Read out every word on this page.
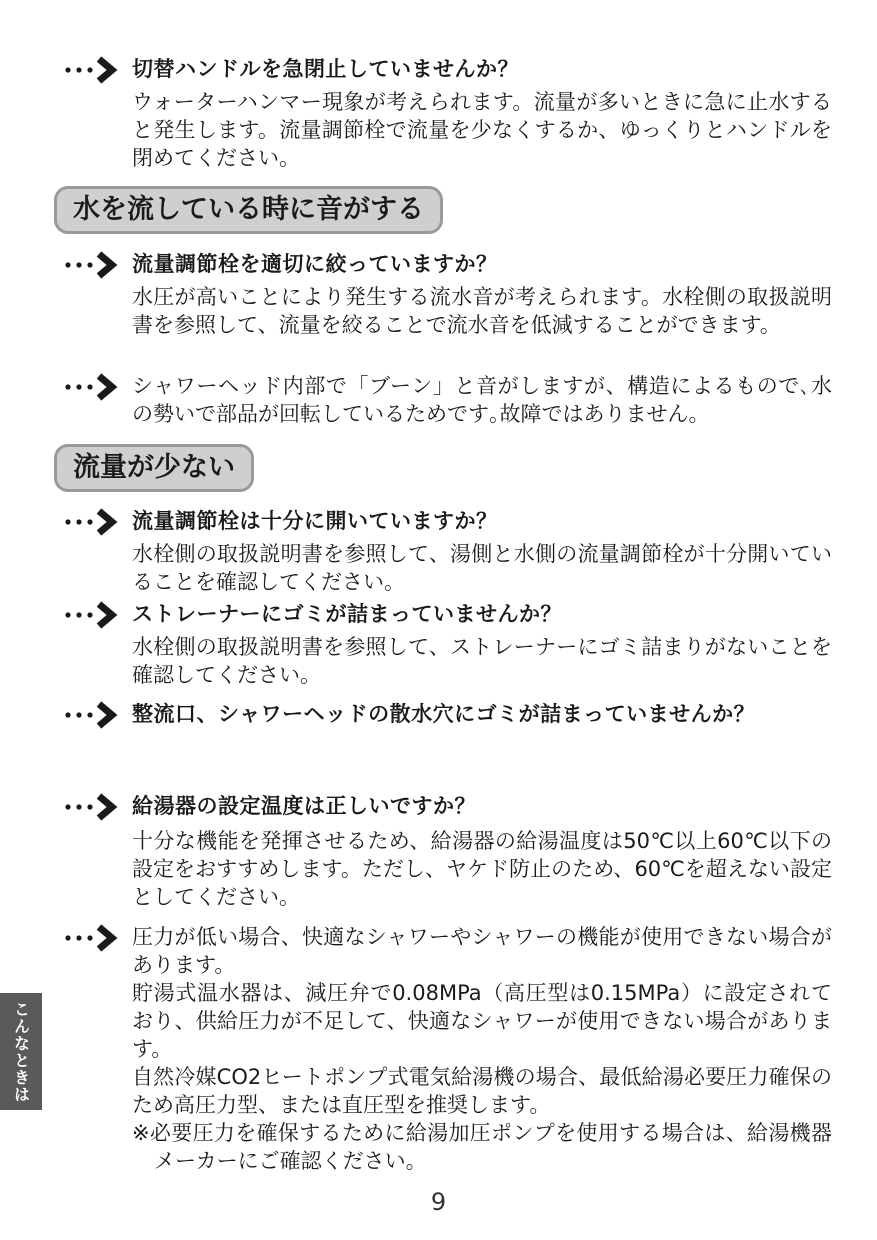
切替ハンドルを急閉止していませんか？

ウォーターハンマー現象が考えられます。流量が多いときに急に止水すると発生します。流量調節栓で流量を少なくするか、ゆっくりとハンドルを閉めてください。

水を流している時に音がする
流量調節栓を適切に絞っていますか？

水圧が高いことにより発生する流水音が考えられます。水栓側の取扱説明書を参照して、流量を絞ることで流水音を低減することができます。

シャワーヘッド内部で「ブーン」と音がしますが、構造によるもので､水の勢いで部品が回転しているためです｡故障ではありません｡
流量が少ない
流量調節栓は十分に開いていますか？

水栓側の取扱説明書を参照して、湯側と水側の流量調節栓が十分開いていることを確認してください。

ストレーナーにゴミが詰まっていませんか？

水栓側の取扱説明書を参照して、ストレーナーにゴミ詰まりがないことを確認してください。

整流口、シャワーヘッドの散水穴にゴミが詰まっていませんか？
給湯器の設定温度は正しいですか？

十分な機能を発揮させるため、給湯器の給湯温度は50℃以上60℃以下の設定をおすすめします。ただし、ヤケド防止のため、60℃を超えない設定としてください。

圧力が低い場合、快適なシャワーやシャワーの機能が使用できない場合があります。

貯湯式温水器は、減圧弁で0.08MPa（高圧型は0.15MPa）に設定されており、供給圧力が不足して、快適なシャワーが使用できない場合があります。

自然冷媒CO2ヒートポンプ式電気給湯機の場合、最低給湯必要圧力確保のため高圧力型、または直圧型を推奨します。

※必要圧力を確保するために給湯加圧ポンプを使用する場合は、給湯機器メーカーにご確認ください。

こんなときは
9
